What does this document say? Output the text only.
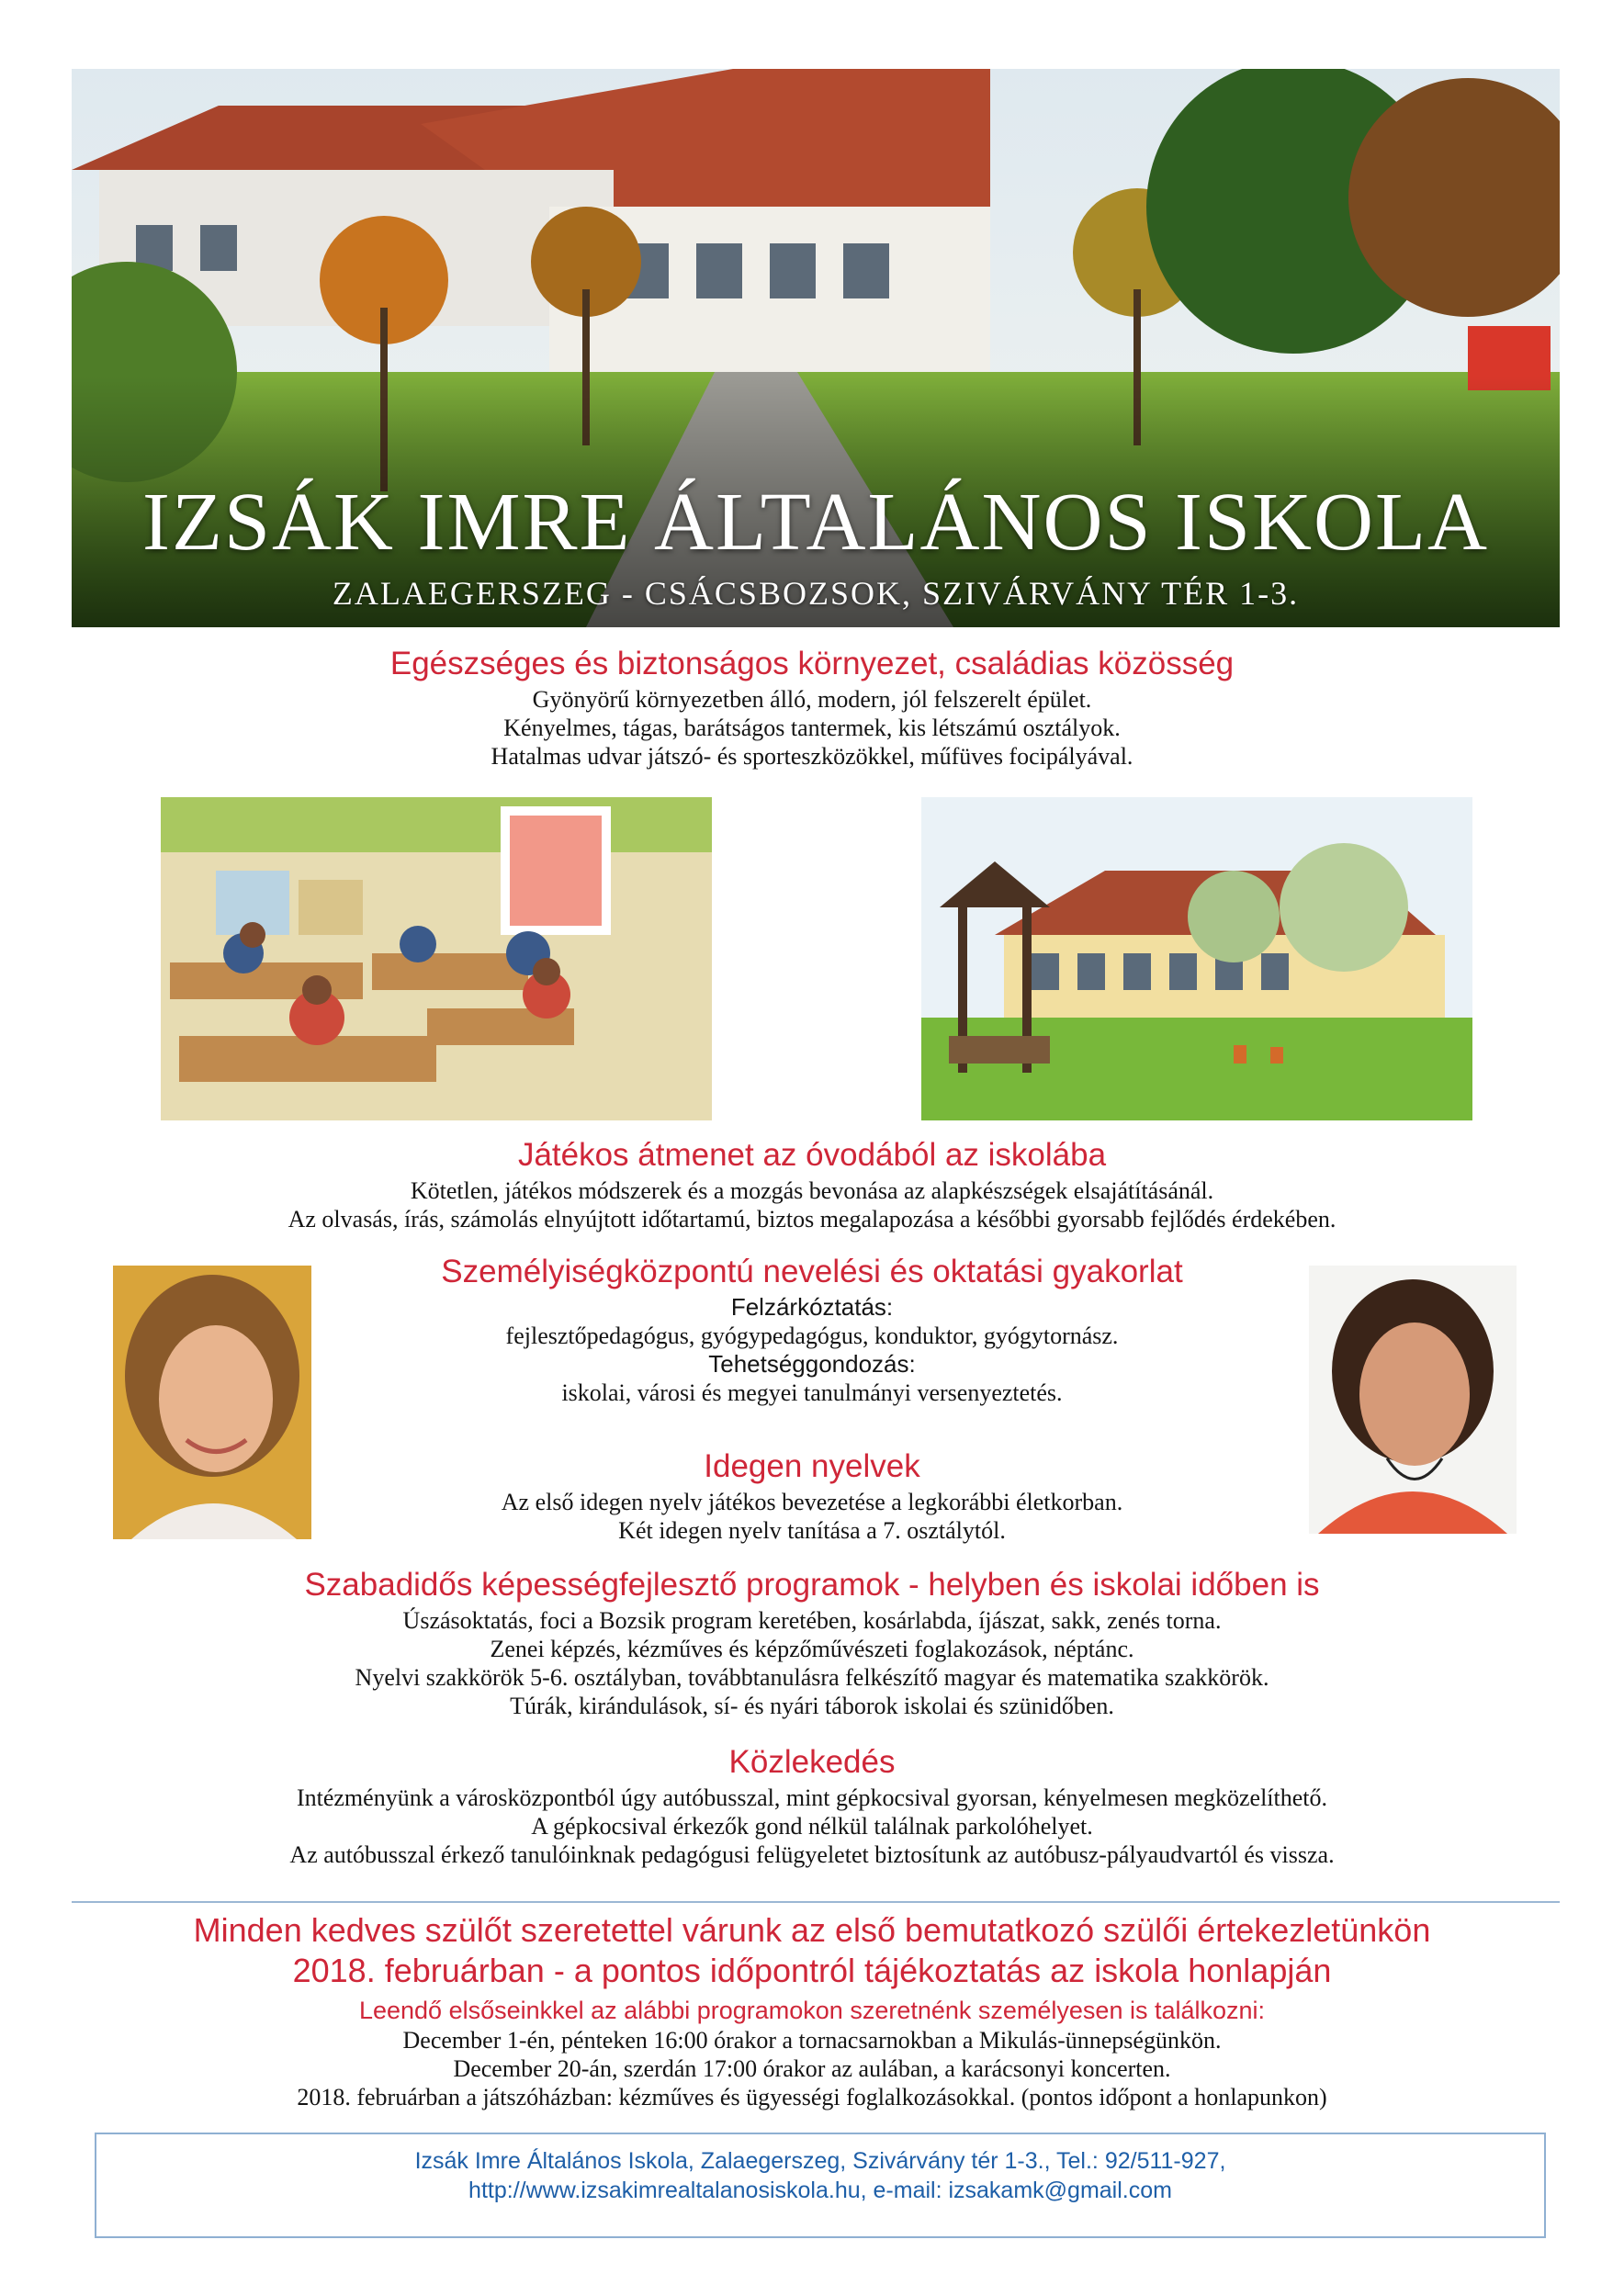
IZSÁK IMRE ÁLTALÁNOS ISKOLA
ZALAEGERSZEG - CSÁCSBOZSOK, SZIVÁRVÁNY TÉR 1-3.
Egészséges és biztonságos környezet, családias közösség
Gyönyörű környezetben álló, modern, jól felszerelt épület.
Kényelmes, tágas, barátságos tantermek, kis létszámú osztályok.
Hatalmas udvar játszó- és sporteszközökkel, műfüves focipályával.
Játékos átmenet az óvodából az iskolába
Kötetlen, játékos módszerek és a mozgás bevonása az alapkészségek elsajátításánál.
Az olvasás, írás, számolás elnyújtott időtartamú, biztos megalapozása a későbbi gyorsabb fejlődés érdekében.
Személyiségközpontú nevelési és oktatási gyakorlat
Felzárkóztatás:
fejlesztőpedagógus, gyógypedagógus, konduktor, gyógytornász.
Tehetséggondozás:
iskolai, városi és megyei tanulmányi versenyeztetés.
Idegen nyelvek
Az első idegen nyelv játékos bevezetése a legkorábbi életkorban.
Két idegen nyelv tanítása a 7. osztálytól.
Szabadidős képességfejlesztő programok - helyben és iskolai időben is
Úszásoktatás, foci a Bozsik program keretében, kosárlabda, íjászat, sakk, zenés torna.
Zenei képzés, kézműves és képzőművészeti foglakozások, néptánc.
Nyelvi szakkörök 5-6. osztályban, továbbtanulásra felkészítő magyar és matematika szakkörök.
Túrák, kirándulások, sí- és nyári táborok iskolai és szünidőben.
Közlekedés
Intézményünk a városközpontból úgy autóbusszal, mint gépkocsival gyorsan, kényelmesen megközelíthető.
A gépkocsival érkezők gond nélkül találnak parkolóhelyet.
Az autóbusszal érkező tanulóinknak pedagógusi felügyeletet biztosítunk az autóbusz-pályaudvartól és vissza.
Minden kedves szülőt szeretettel várunk az első bemutatkozó szülői értekezletünkön
2018. februárban - a pontos időpontról tájékoztatás az iskola honlapján
Leendő elsőseinkkel az alábbi programokon szeretnénk személyesen is találkozni:
December 1-én, pénteken 16:00 órakor a tornacsarnokban a Mikulás-ünnepségünkön.
December 20-án, szerdán 17:00 órakor az aulában, a karácsonyi koncerten.
2018. februárban a játszóházban: kézműves és ügyességi foglalkozásokkal. (pontos időpont a honlapunkon)
Izsák Imre Általános Iskola, Zalaegerszeg, Szivárvány tér 1-3., Tel.: 92/511-927,
http://www.izsakimrealtalanosiskola.hu, e-mail: izsakamk@gmail.com
